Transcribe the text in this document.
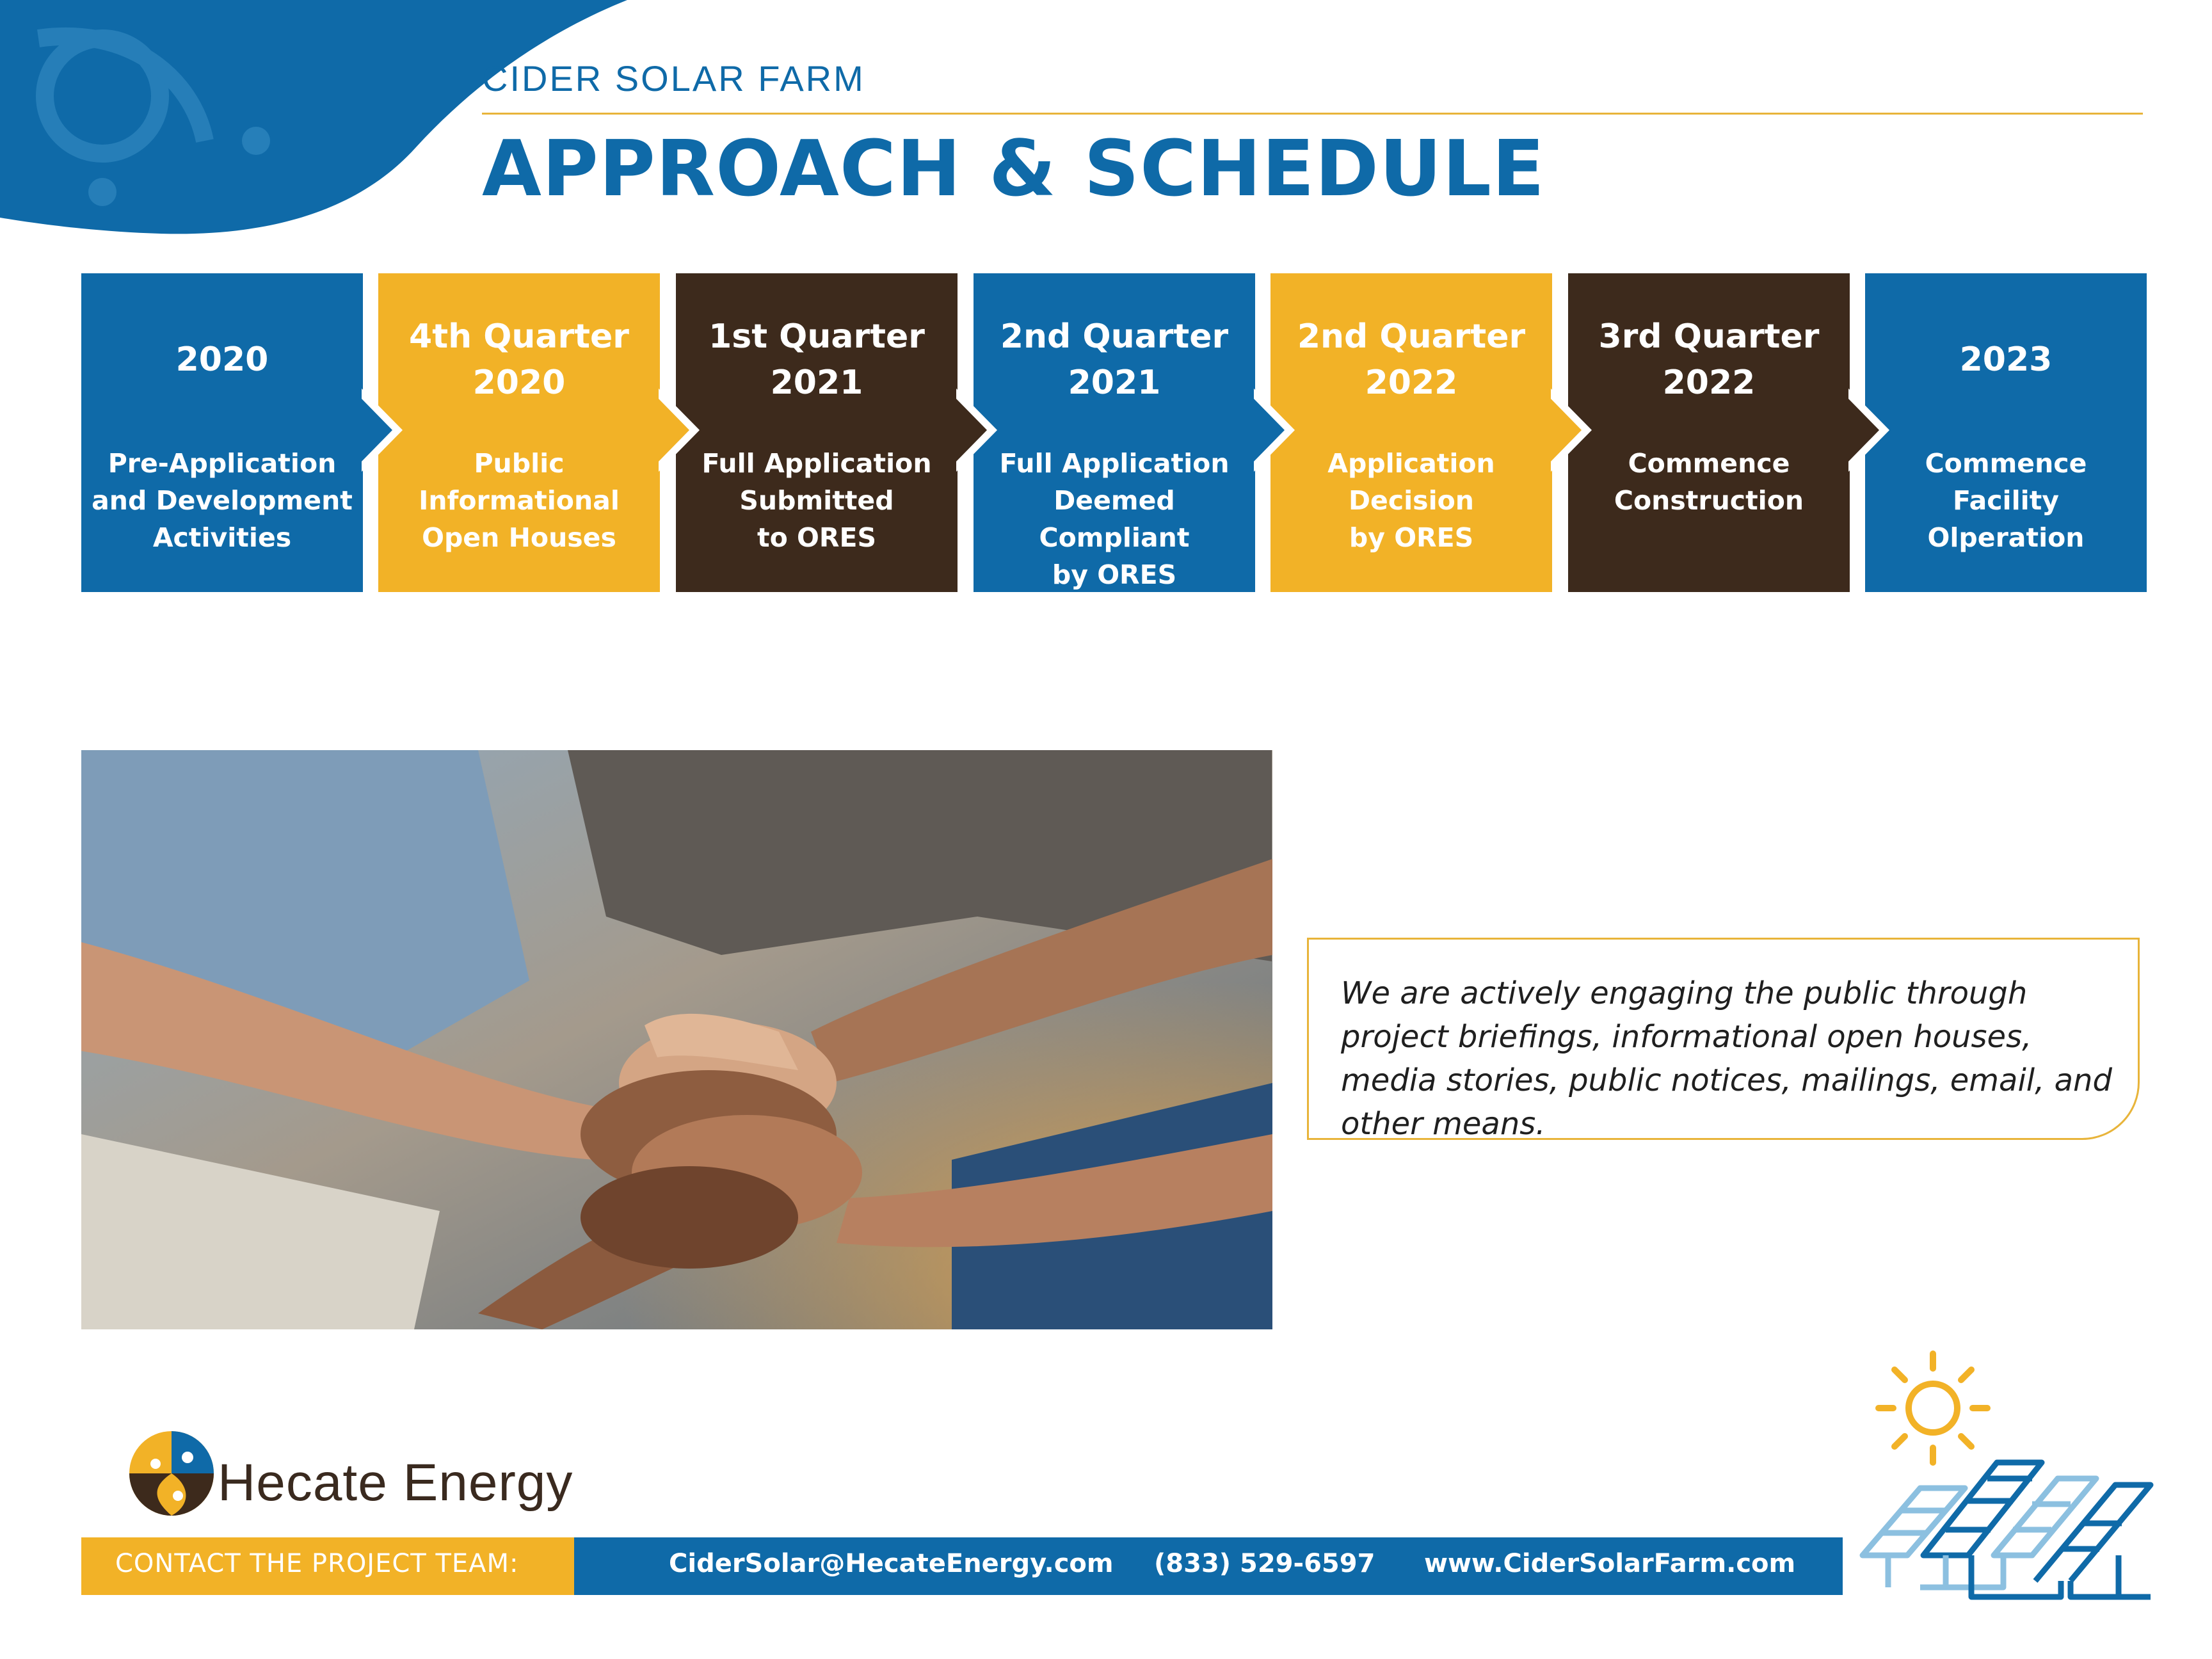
CIDER SOLAR FARM
APPROACH & SCHEDULE
2020
Pre-Application
and Development
Activities
4th Quarter
2020
Public
Informational
Open Houses
1st Quarter
2021
Full Application
Submitted
to ORES
2nd Quarter
2021
Full Application
Deemed Compliant
by ORES
2nd Quarter
2022
Application
Decision
by ORES
3rd Quarter
2022
Commence
Construction
2023
Commence
Facility
Olperation
We are actively engaging the public through project briefings, informational open houses, media stories, public notices, mailings, email, and other means.
Hecate Energy
CONTACT THE PROJECT TEAM:	CiderSolar@HecateEnergy.com (833) 529-6597 www.CiderSolarFarm.com
